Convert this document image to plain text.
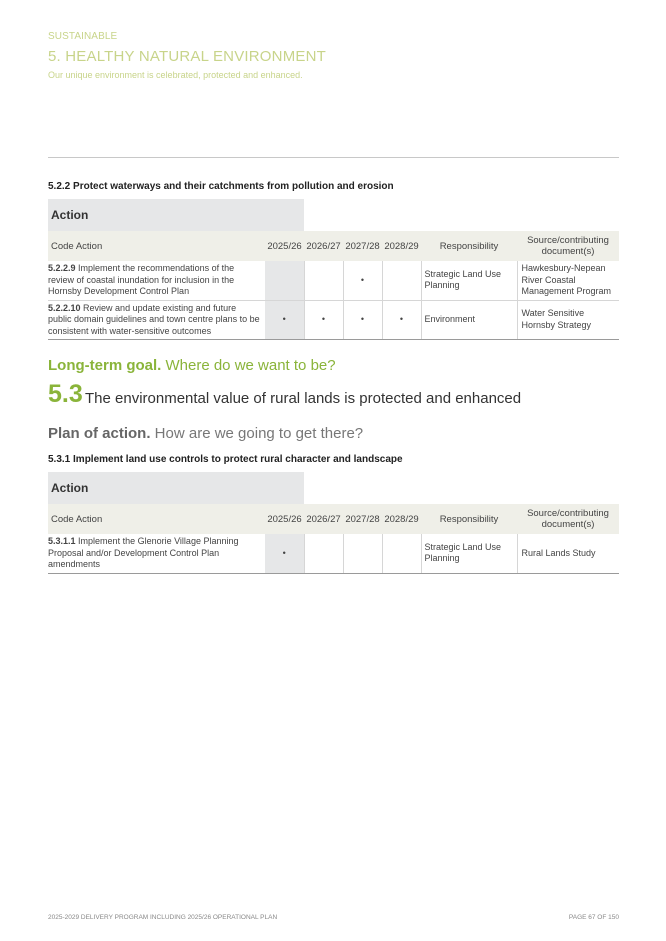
SUSTAINABLE
5. HEALTHY NATURAL ENVIRONMENT
Our unique environment is celebrated, protected and enhanced.
5.2.2 Protect waterways and their catchments from pollution and erosion
Action
Code Action	2025/26	2026/27	2027/28	2028/29	Responsibility	Source/contributing document(s)
5.2.2.9 Implement the recommendations of the review of coastal inundation for inclusion in the Hornsby Development Control Plan			•		Strategic Land Use Planning	Hawkesbury-Nepean River Coastal Management Program
5.2.2.10 Review and update existing and future public domain guidelines and town centre plans to be consistent with water-sensitive outcomes	•	•	•	•	Environment	Water Sensitive Hornsby Strategy
Long-term goal. Where do we want to be?
5.3 The environmental value of rural lands is protected and enhanced
Plan of action. How are we going to get there?
5.3.1 Implement land use controls to protect rural character and landscape
Action
Code Action	2025/26	2026/27	2027/28	2028/29	Responsibility	Source/contributing document(s)
5.3.1.1 Implement the Glenorie Village Planning Proposal and/or Development Control Plan amendments	•				Strategic Land Use Planning	Rural Lands Study
2025-2029 DELIVERY PROGRAM INCLUDING 2025/26 OPERATIONAL PLAN	PAGE 67 OF 150
